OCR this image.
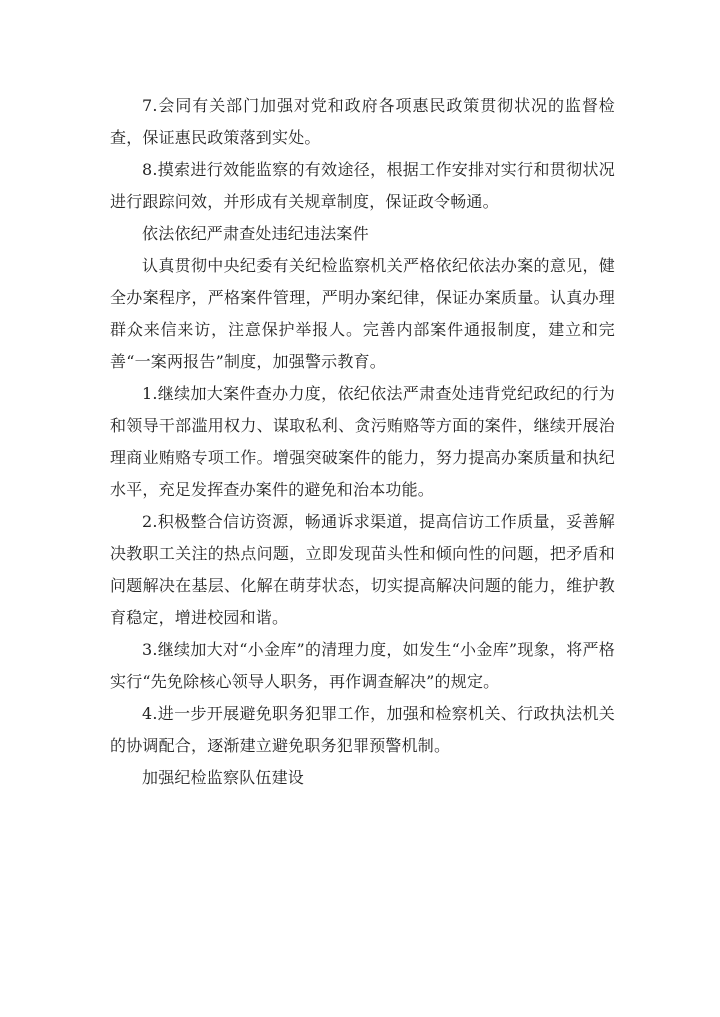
7.会同有关部门加强对党和政府各项惠民政策贯彻状况的监督检查，保证惠民政策落到实处。

8.摸索进行效能监察的有效途径，根据工作安排对实行和贯彻状况进行跟踪问效，并形成有关规章制度，保证政令畅通。

依法依纪严肃查处违纪违法案件

认真贯彻中央纪委有关纪检监察机关严格依纪依法办案的意见，健全办案程序，严格案件管理，严明办案纪律，保证办案质量。认真办理群众来信来访，注意保护举报人。完善内部案件通报制度，建立和完善“一案两报告”制度，加强警示教育。

1.继续加大案件查办力度，依纪依法严肃查处违背党纪政纪的行为和领导干部滥用权力、谋取私利、贪污贿赂等方面的案件，继续开展治理商业贿赂专项工作。增强突破案件的能力，努力提高办案质量和执纪水平，充足发挥查办案件的避免和治本功能。

2.积极整合信访资源，畅通诉求渠道，提高信访工作质量，妥善解决教职工关注的热点问题，立即发现苗头性和倾向性的问题，把矛盾和问题解决在基层、化解在萌芽状态，切实提高解决问题的能力，维护教育稳定，增进校园和谐。

3.继续加大对“小金库”的清理力度，如发生“小金库”现象，将严格实行“先免除核心领导人职务，再作调查解决”的规定。

4.进一步开展避免职务犯罪工作，加强和检察机关、行政执法机关的协调配合，逐渐建立避免职务犯罪预警机制。

加强纪检监察队伍建设
